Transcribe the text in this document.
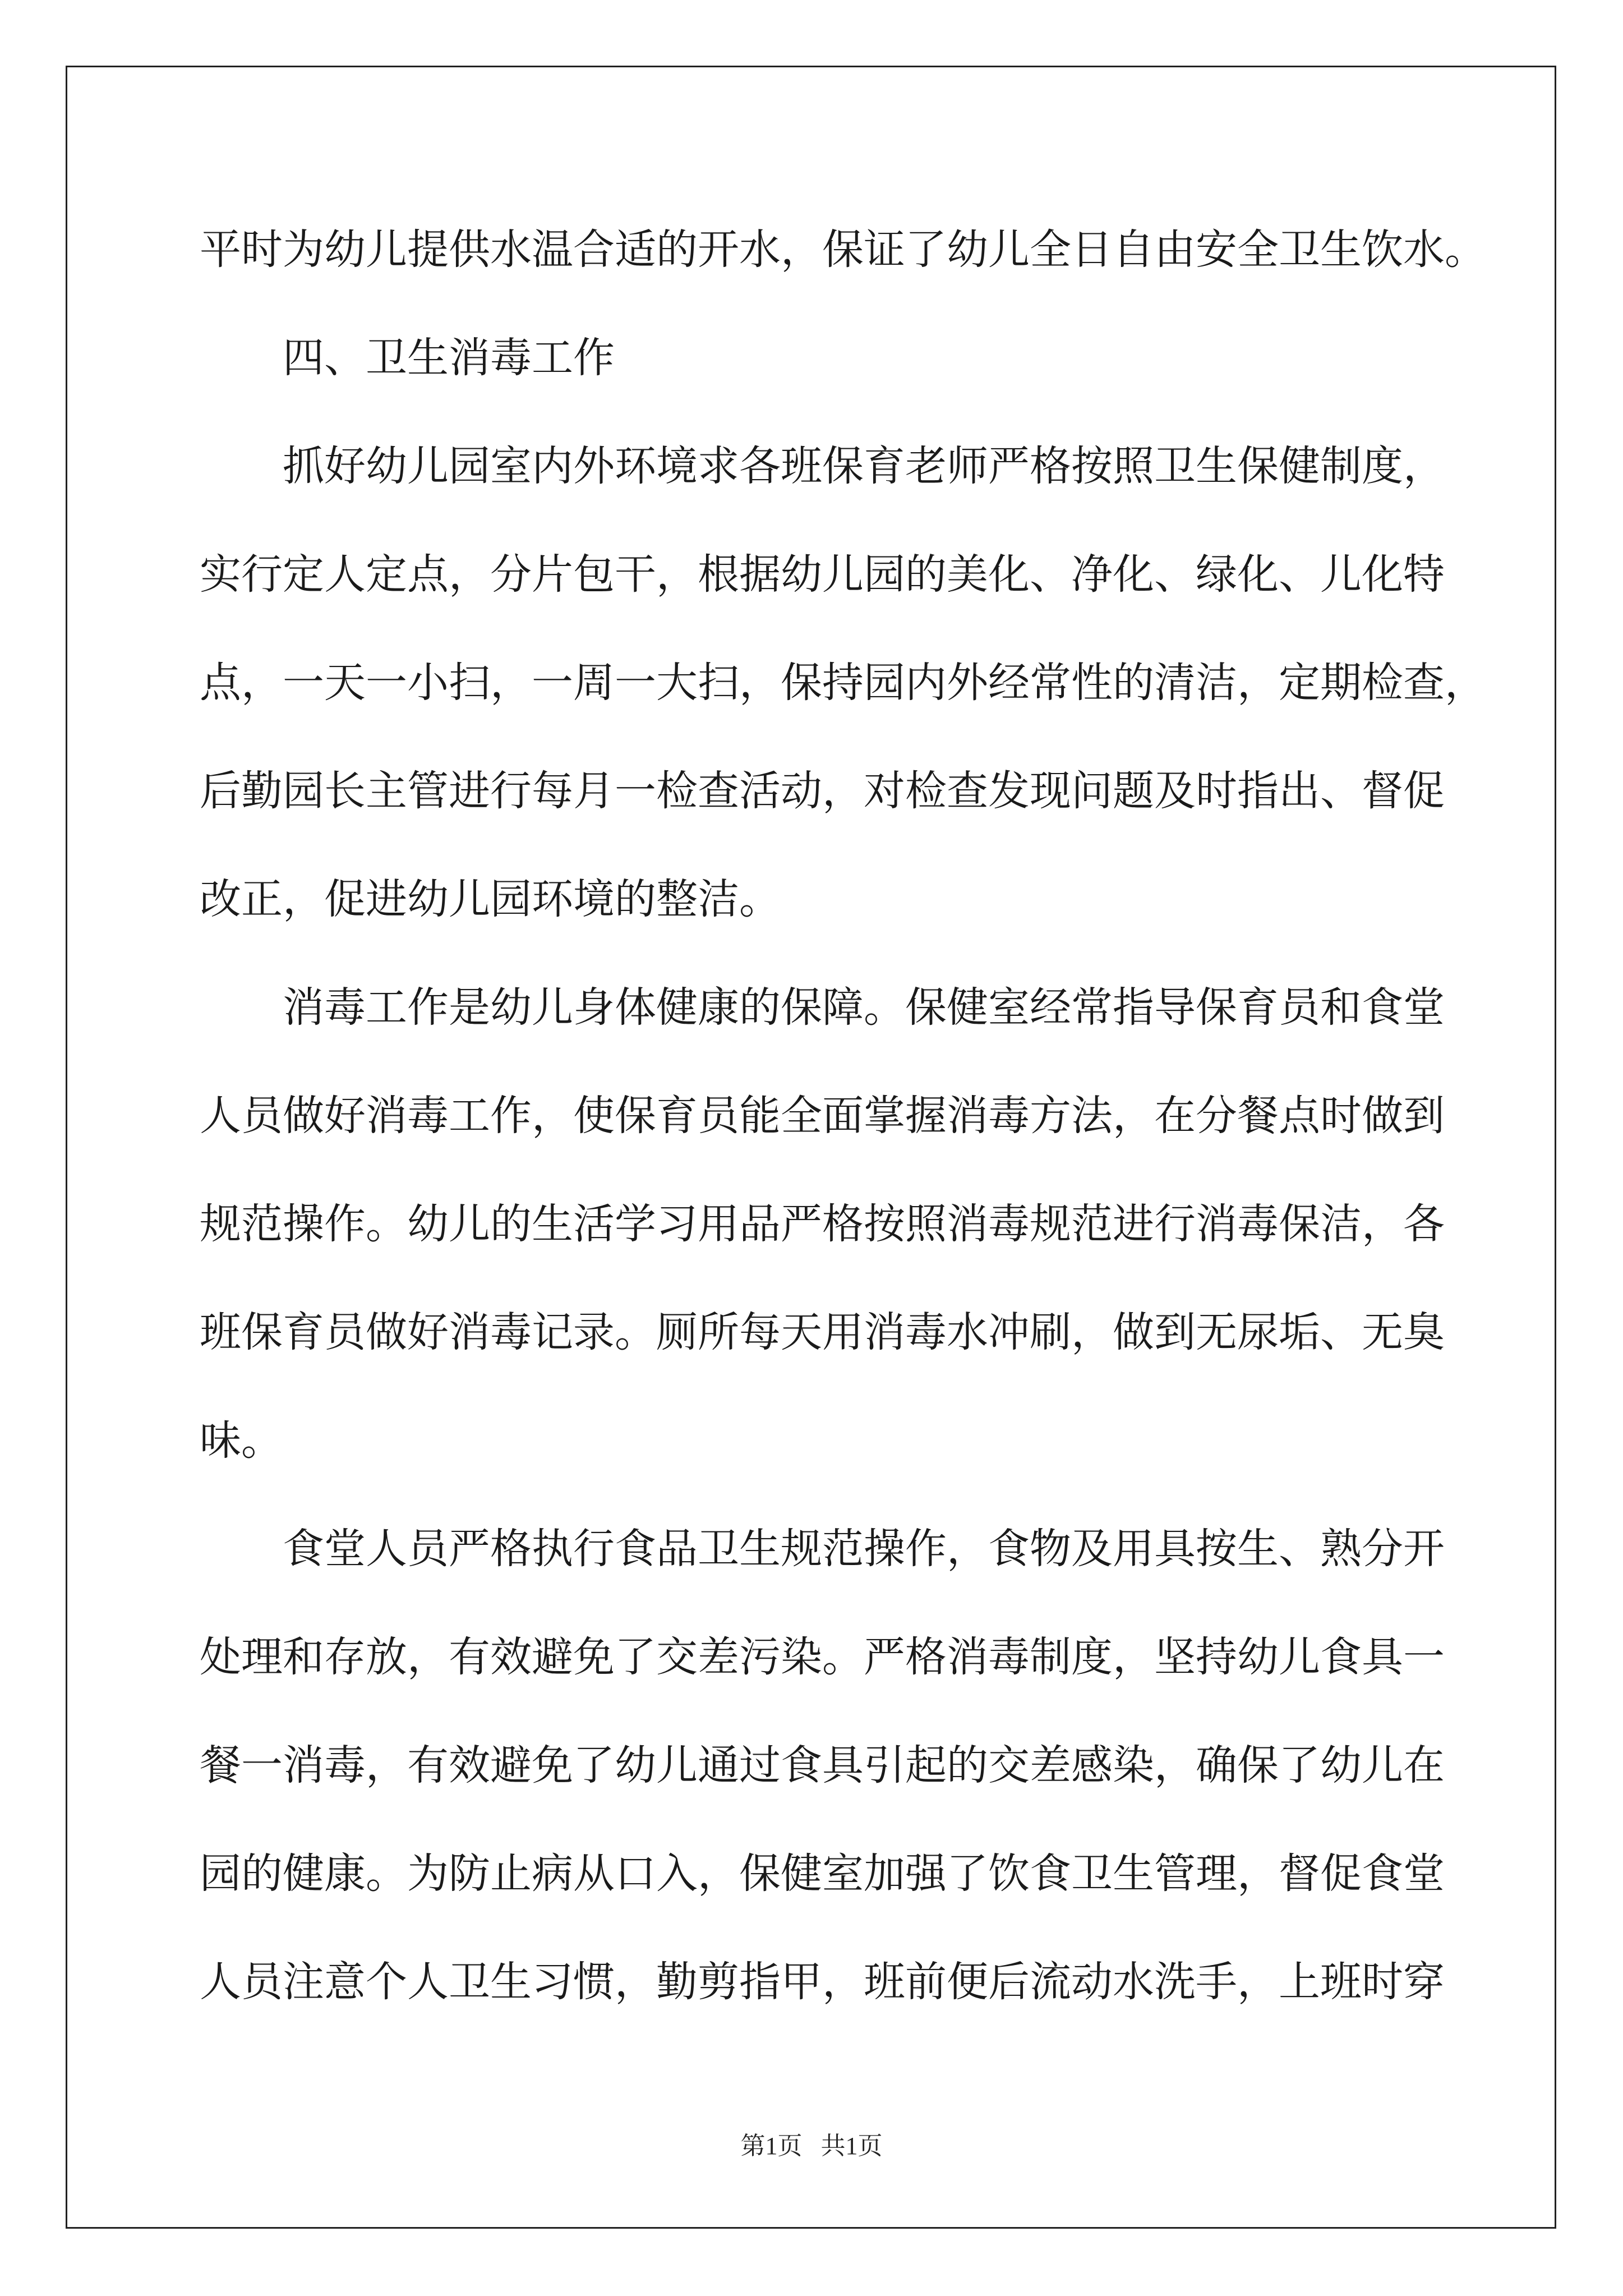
平时为幼儿提供水温合适的开水，保证了幼儿全日自由安全卫生饮水。
四、卫生消毒工作
抓好幼儿园室内外环境求各班保育老师严格按照卫生保健制度，
实行定人定点，分片包干，根据幼儿园的美化、净化、绿化、儿化特
点，一天一小扫，一周一大扫，保持园内外经常性的清洁，定期检查，
后勤园长主管进行每月一检查活动，对检查发现问题及时指出、督促
改正，促进幼儿园环境的整洁。
消毒工作是幼儿身体健康的保障。保健室经常指导保育员和食堂
人员做好消毒工作，使保育员能全面掌握消毒方法，在分餐点时做到
规范操作。幼儿的生活学习用品严格按照消毒规范进行消毒保洁，各
班保育员做好消毒记录。厕所每天用消毒水冲刷，做到无尿垢、无臭
味。
食堂人员严格执行食品卫生规范操作，食物及用具按生、熟分开
处理和存放，有效避免了交差污染。严格消毒制度，坚持幼儿食具一
餐一消毒，有效避免了幼儿通过食具引起的交差感染，确保了幼儿在
园的健康。为防止病从口入，保健室加强了饮食卫生管理，督促食堂
人员注意个人卫生习惯，勤剪指甲，班前便后流动水洗手，上班时穿
第1页   共1页
